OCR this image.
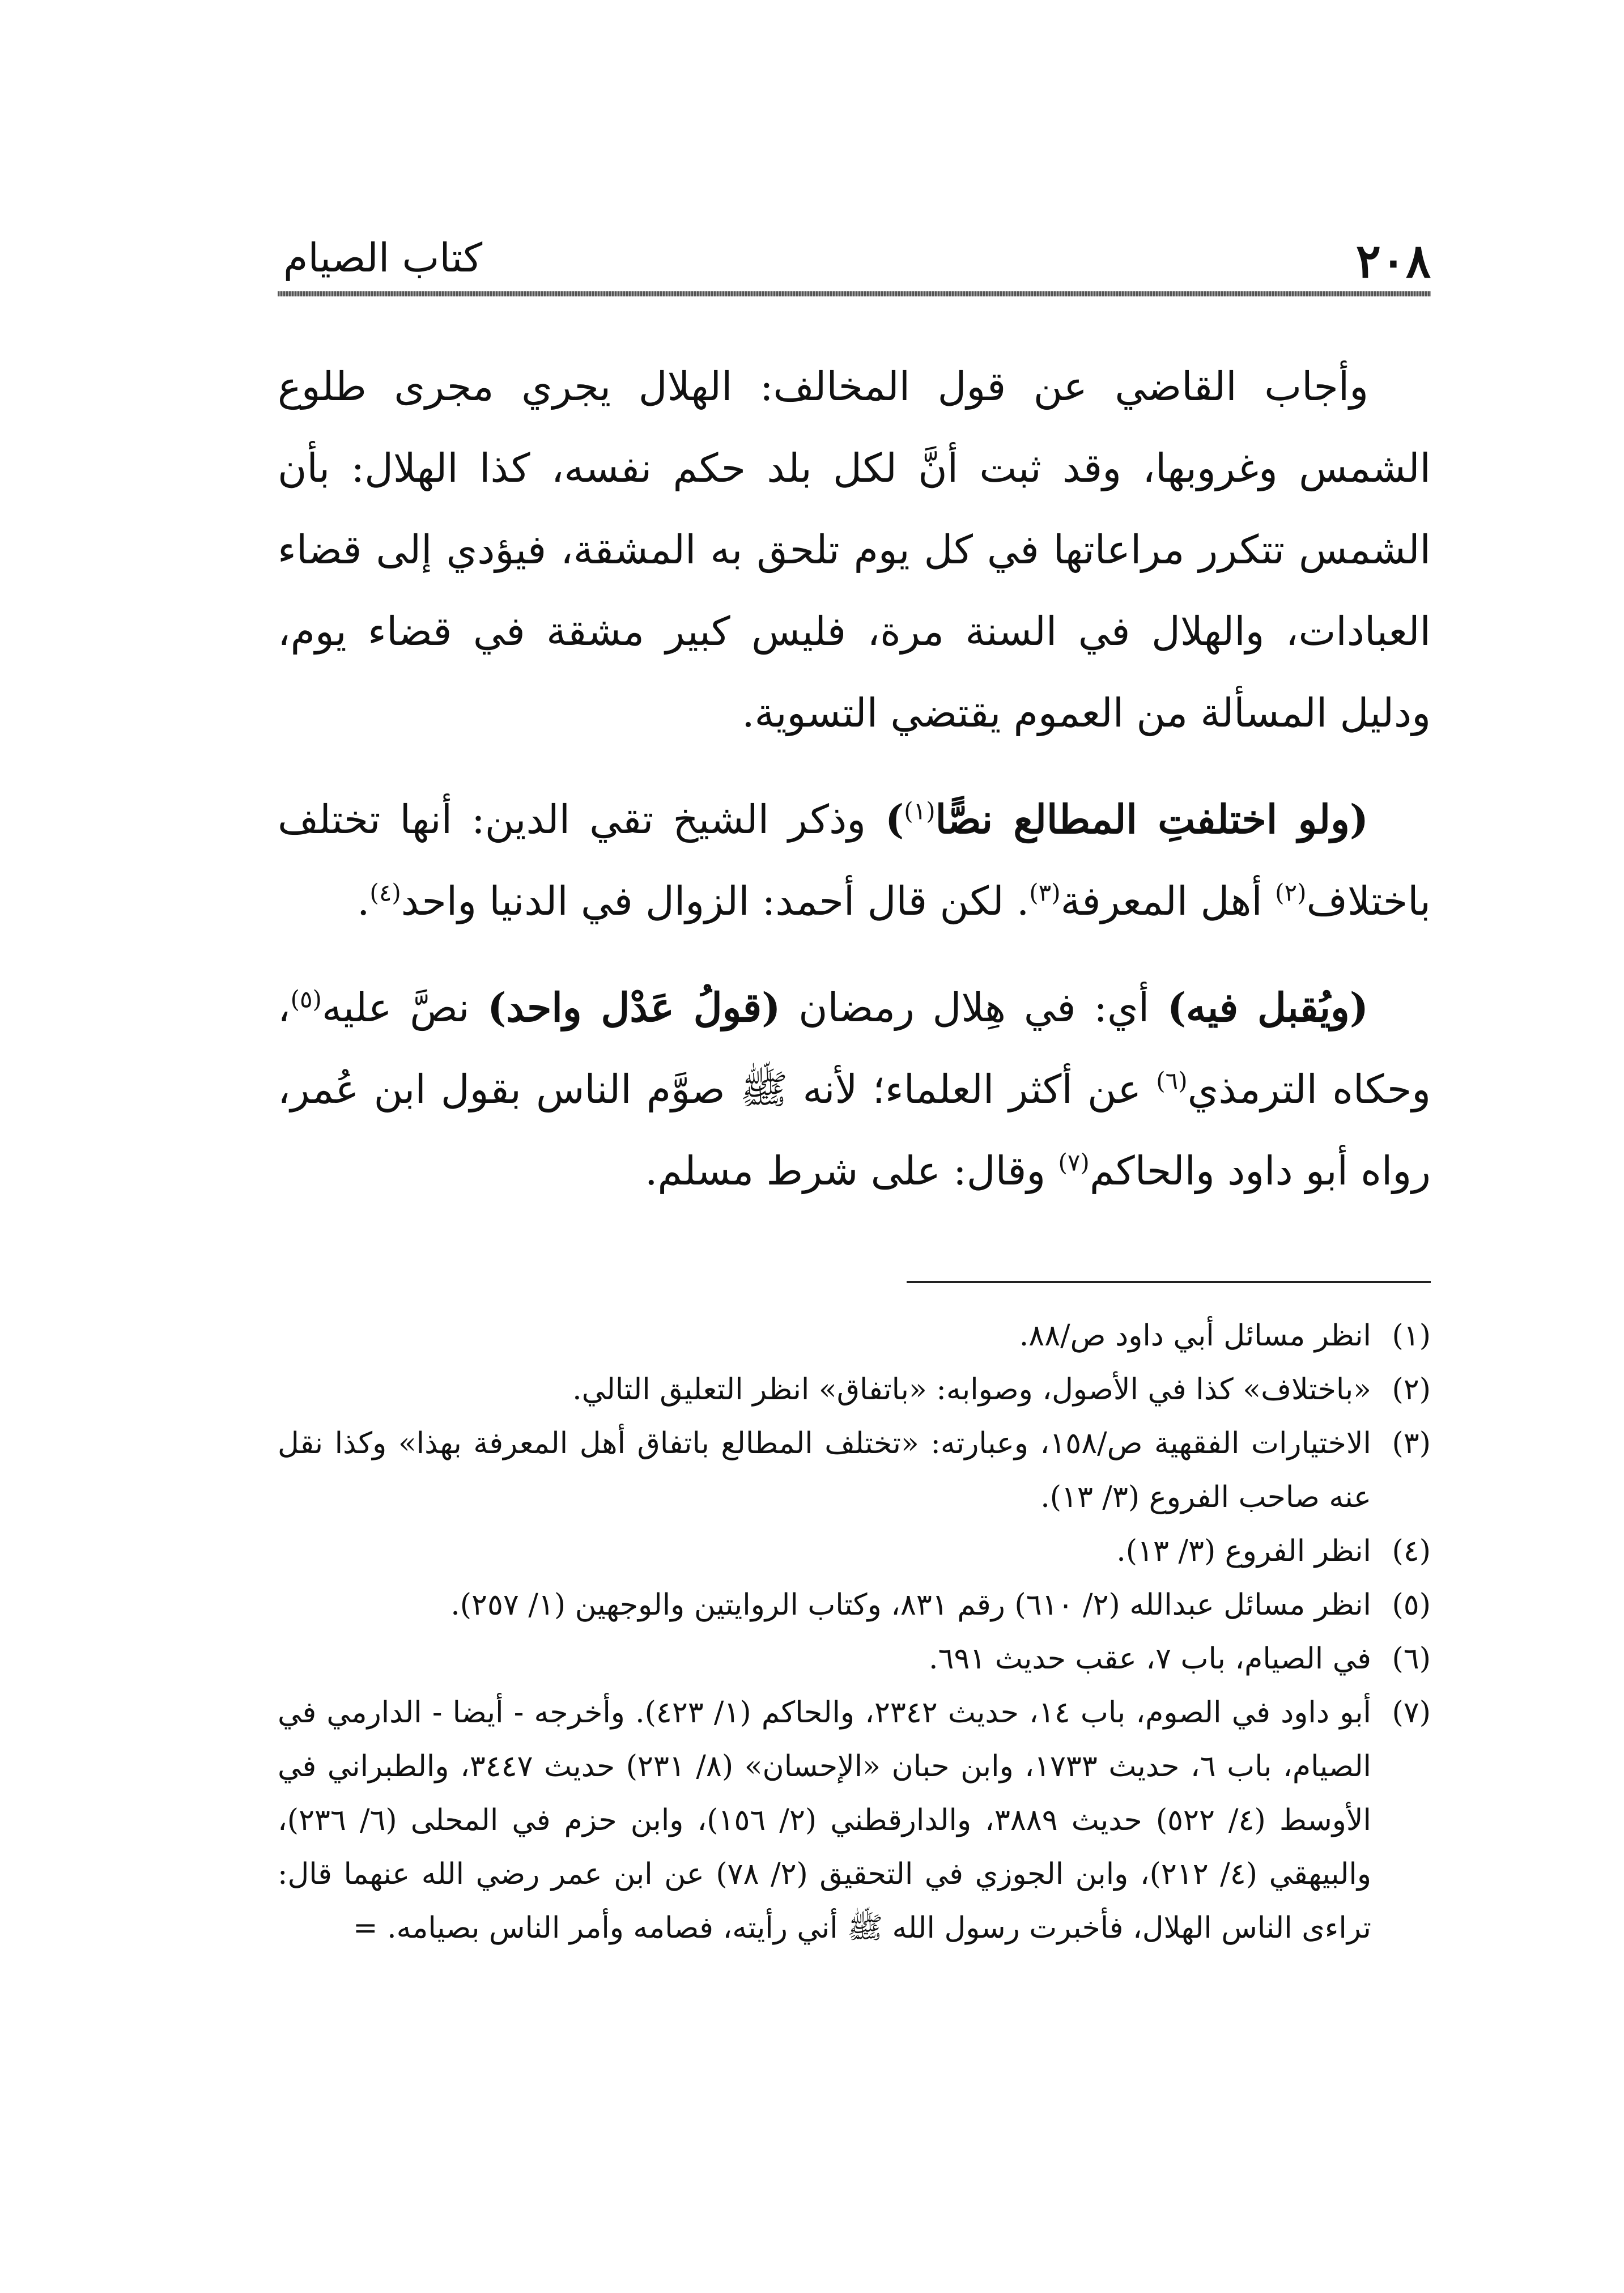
٢٠٨
كتاب الصيام

وأجاب القاضي عن قول المخالف: الهلال يجري مجرى طلوع الشمس وغروبها، وقد ثبت أنَّ لكل بلد حكم نفسه، كذا الهلال: بأن الشمس تتكرر مراعاتها في كل يوم تلحق به المشقة، فيؤدي إلى قضاء العبادات، والهلال في السنة مرة، فليس كبير مشقة في قضاء يوم، ودليل المسألة من العموم يقتضي التسوية.

(ولو اختلفتِ المطالع نصًّا$^{(١)}$) وذكر الشيخ تقي الدين: أنها تختلف باختلاف$^{(٢)}$ أهل المعرفة$^{(٣)}$. لكن قال أحمد: الزوال في الدنيا واحد$^{(٤)}$.

(ويُقبل فيه) أي: في هِلال رمضان (قولُ عَدْل واحد) نصَّ عليه$^{(٥)}$، وحكاه الترمذي$^{(٦)}$ عن أكثر العلماء؛ لأنه ﷺ صوَّم الناس بقول ابن عُمر، رواه أبو داود والحاكم$^{(٧)}$ وقال: على شرط مسلم.

(١)
انظر مسائل أبي داود ص/٨٨.

(٢)
«باختلاف» كذا في الأصول، وصوابه: «باتفاق» انظر التعليق التالي.

(٣)
الاختيارات الفقهية ص/١٥٨، وعبارته: «تختلف المطالع باتفاق أهل المعرفة بهذا» وكذا نقل عنه صاحب الفروع (٣/ ١٣).

(٤)
انظر الفروع (٣/ ١٣).

(٥)
انظر مسائل عبدالله (٢/ ٦١٠) رقم ٨٣١، وكتاب الروايتين والوجهين (١/ ٢٥٧).

(٦)
في الصيام، باب ٧، عقب حديث ٦٩١.

(٧)
أبو داود في الصوم، باب ١٤، حديث ٢٣٤٢، والحاكم (١/ ٤٢٣). وأخرجه - أيضا - الدارمي في الصيام، باب ٦، حديث ١٧٣٣، وابن حبان «الإحسان» (٨/ ٢٣١) حديث ٣٤٤٧، والطبراني في الأوسط (٤/ ٥٢٢) حديث ٣٨٨٩، والدارقطني (٢/ ١٥٦)، وابن حزم في المحلى (٦/ ٢٣٦)، والبيهقي (٤/ ٢١٢)، وابن الجوزي في التحقيق (٢/ ٧٨) عن ابن عمر رضي الله عنهما قال: تراءى الناس الهلال، فأخبرت رسول الله ﷺ أني رأيته، فصامه وأمر الناس بصيامه. =
